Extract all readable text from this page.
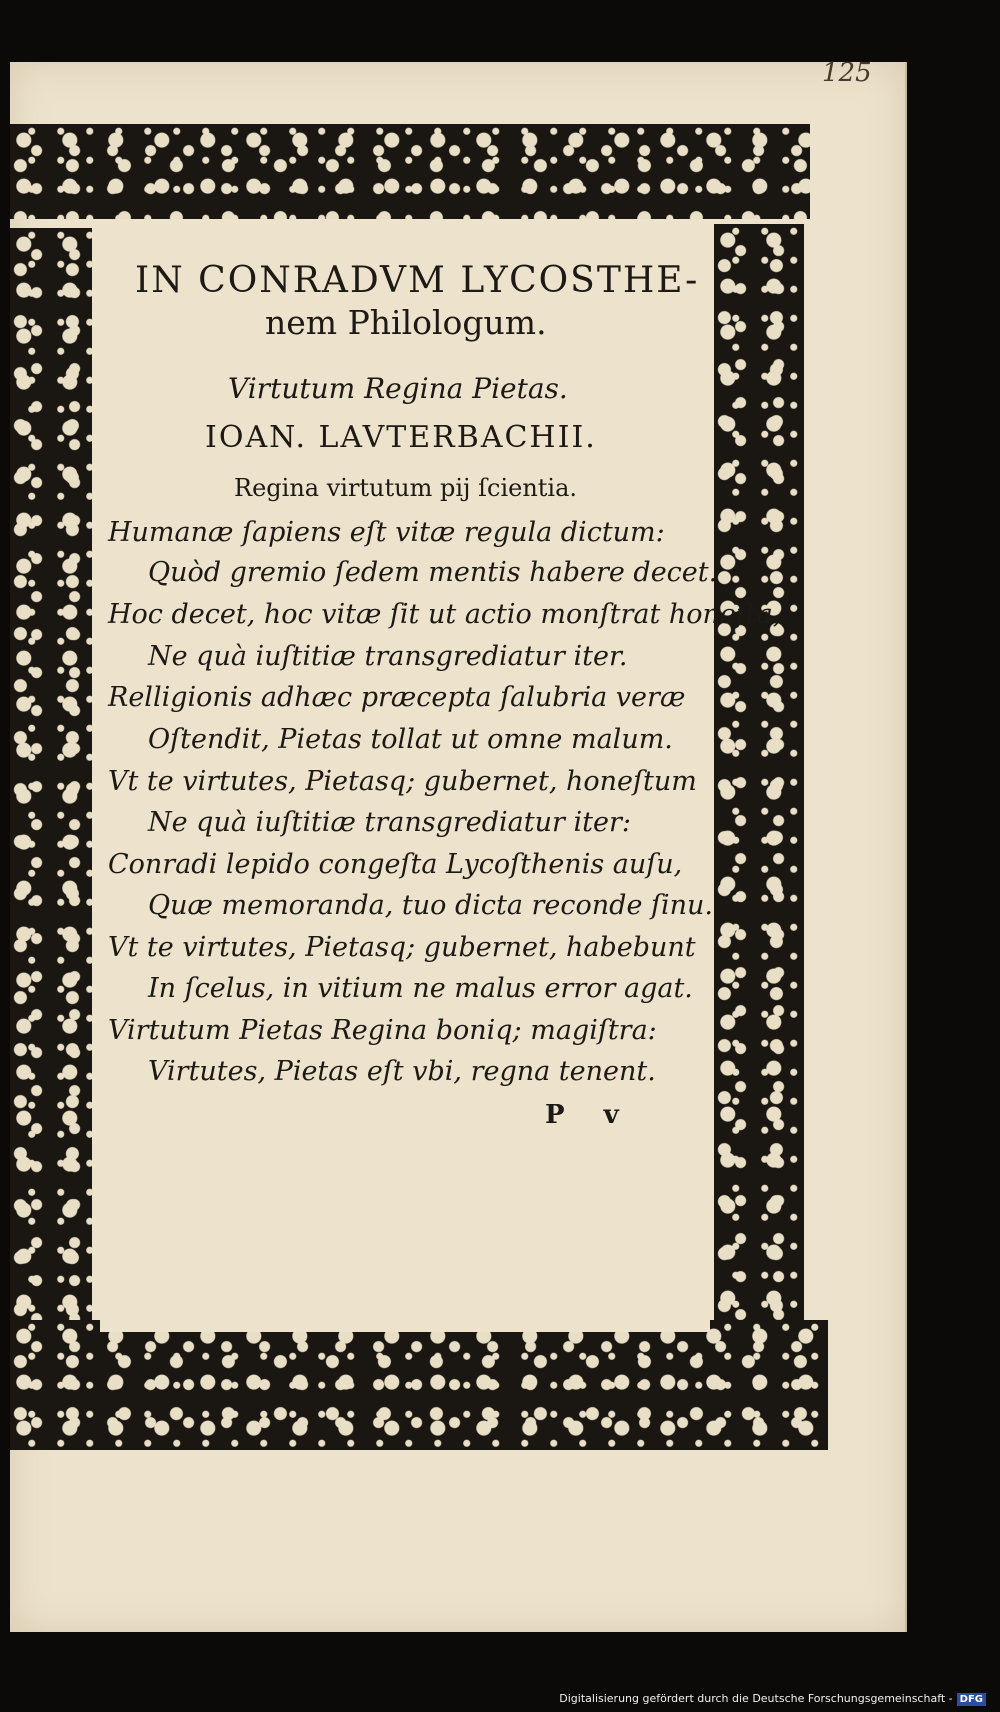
125
IN CONRADVM LYCOSTHE-
nem Philologum.
Virtutum Regina Pietas.
IOAN. LAVTERBACHII.
Regina virtutum pij ſcientia.
Humanæ ſapiens eſt vitæ regula dictum:
Quòd gremio ſedem mentis habere decet.
Hoc decet, hoc vitæ ſit ut actio monſtrat honeſta,
Ne quà iuſtitiæ transgrediatur iter.
Relligionis adhæc præcepta ſalubria veræ
Oſtendit, Pietas tollat ut omne malum.
Vt te virtutes, Pietasq; gubernet, honeſtum
Ne quà iuſtitiæ transgrediatur iter:
Conradi lepido congeſta Lycoſthenis auſu,
Quæ memoranda, tuo dicta reconde ſinu.
Vt te virtutes, Pietasq; gubernet, habebunt
In ſcelus, in vitium ne malus error agat.
Virtutum Pietas Regina boniq; magiſtra:
Virtutes, Pietas eſt vbi, regna tenent.
P v
Digitalisierung gefördert durch die Deutsche Forschungsgemeinschaft - DFG
